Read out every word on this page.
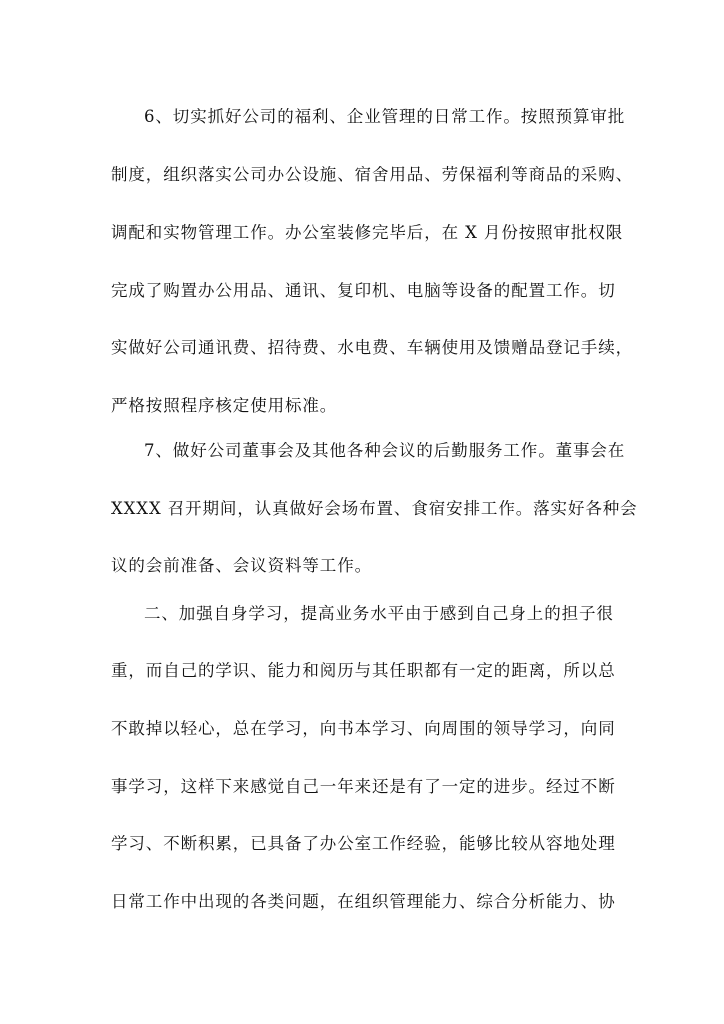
6、切实抓好公司的福利、企业管理的日常工作。按照预算审批
制度，组织落实公司办公设施、宿舍用品、劳保福利等商品的采购、
调配和实物管理工作。办公室装修完毕后，在 X 月份按照审批权限
完成了购置办公用品、通讯、复印机、电脑等设备的配置工作。切
实做好公司通讯费、招待费、水电费、车辆使用及馈赠品登记手续，
严格按照程序核定使用标准。
7、做好公司董事会及其他各种会议的后勤服务工作。董事会在
XXXX 召开期间，认真做好会场布置、食宿安排工作。落实好各种会
议的会前准备、会议资料等工作。
二、加强自身学习，提高业务水平由于感到自己身上的担子很
重，而自己的学识、能力和阅历与其任职都有一定的距离，所以总
不敢掉以轻心，总在学习，向书本学习、向周围的领导学习，向同
事学习，这样下来感觉自己一年来还是有了一定的进步。经过不断
学习、不断积累，已具备了办公室工作经验，能够比较从容地处理
日常工作中出现的各类问题，在组织管理能力、综合分析能力、协
